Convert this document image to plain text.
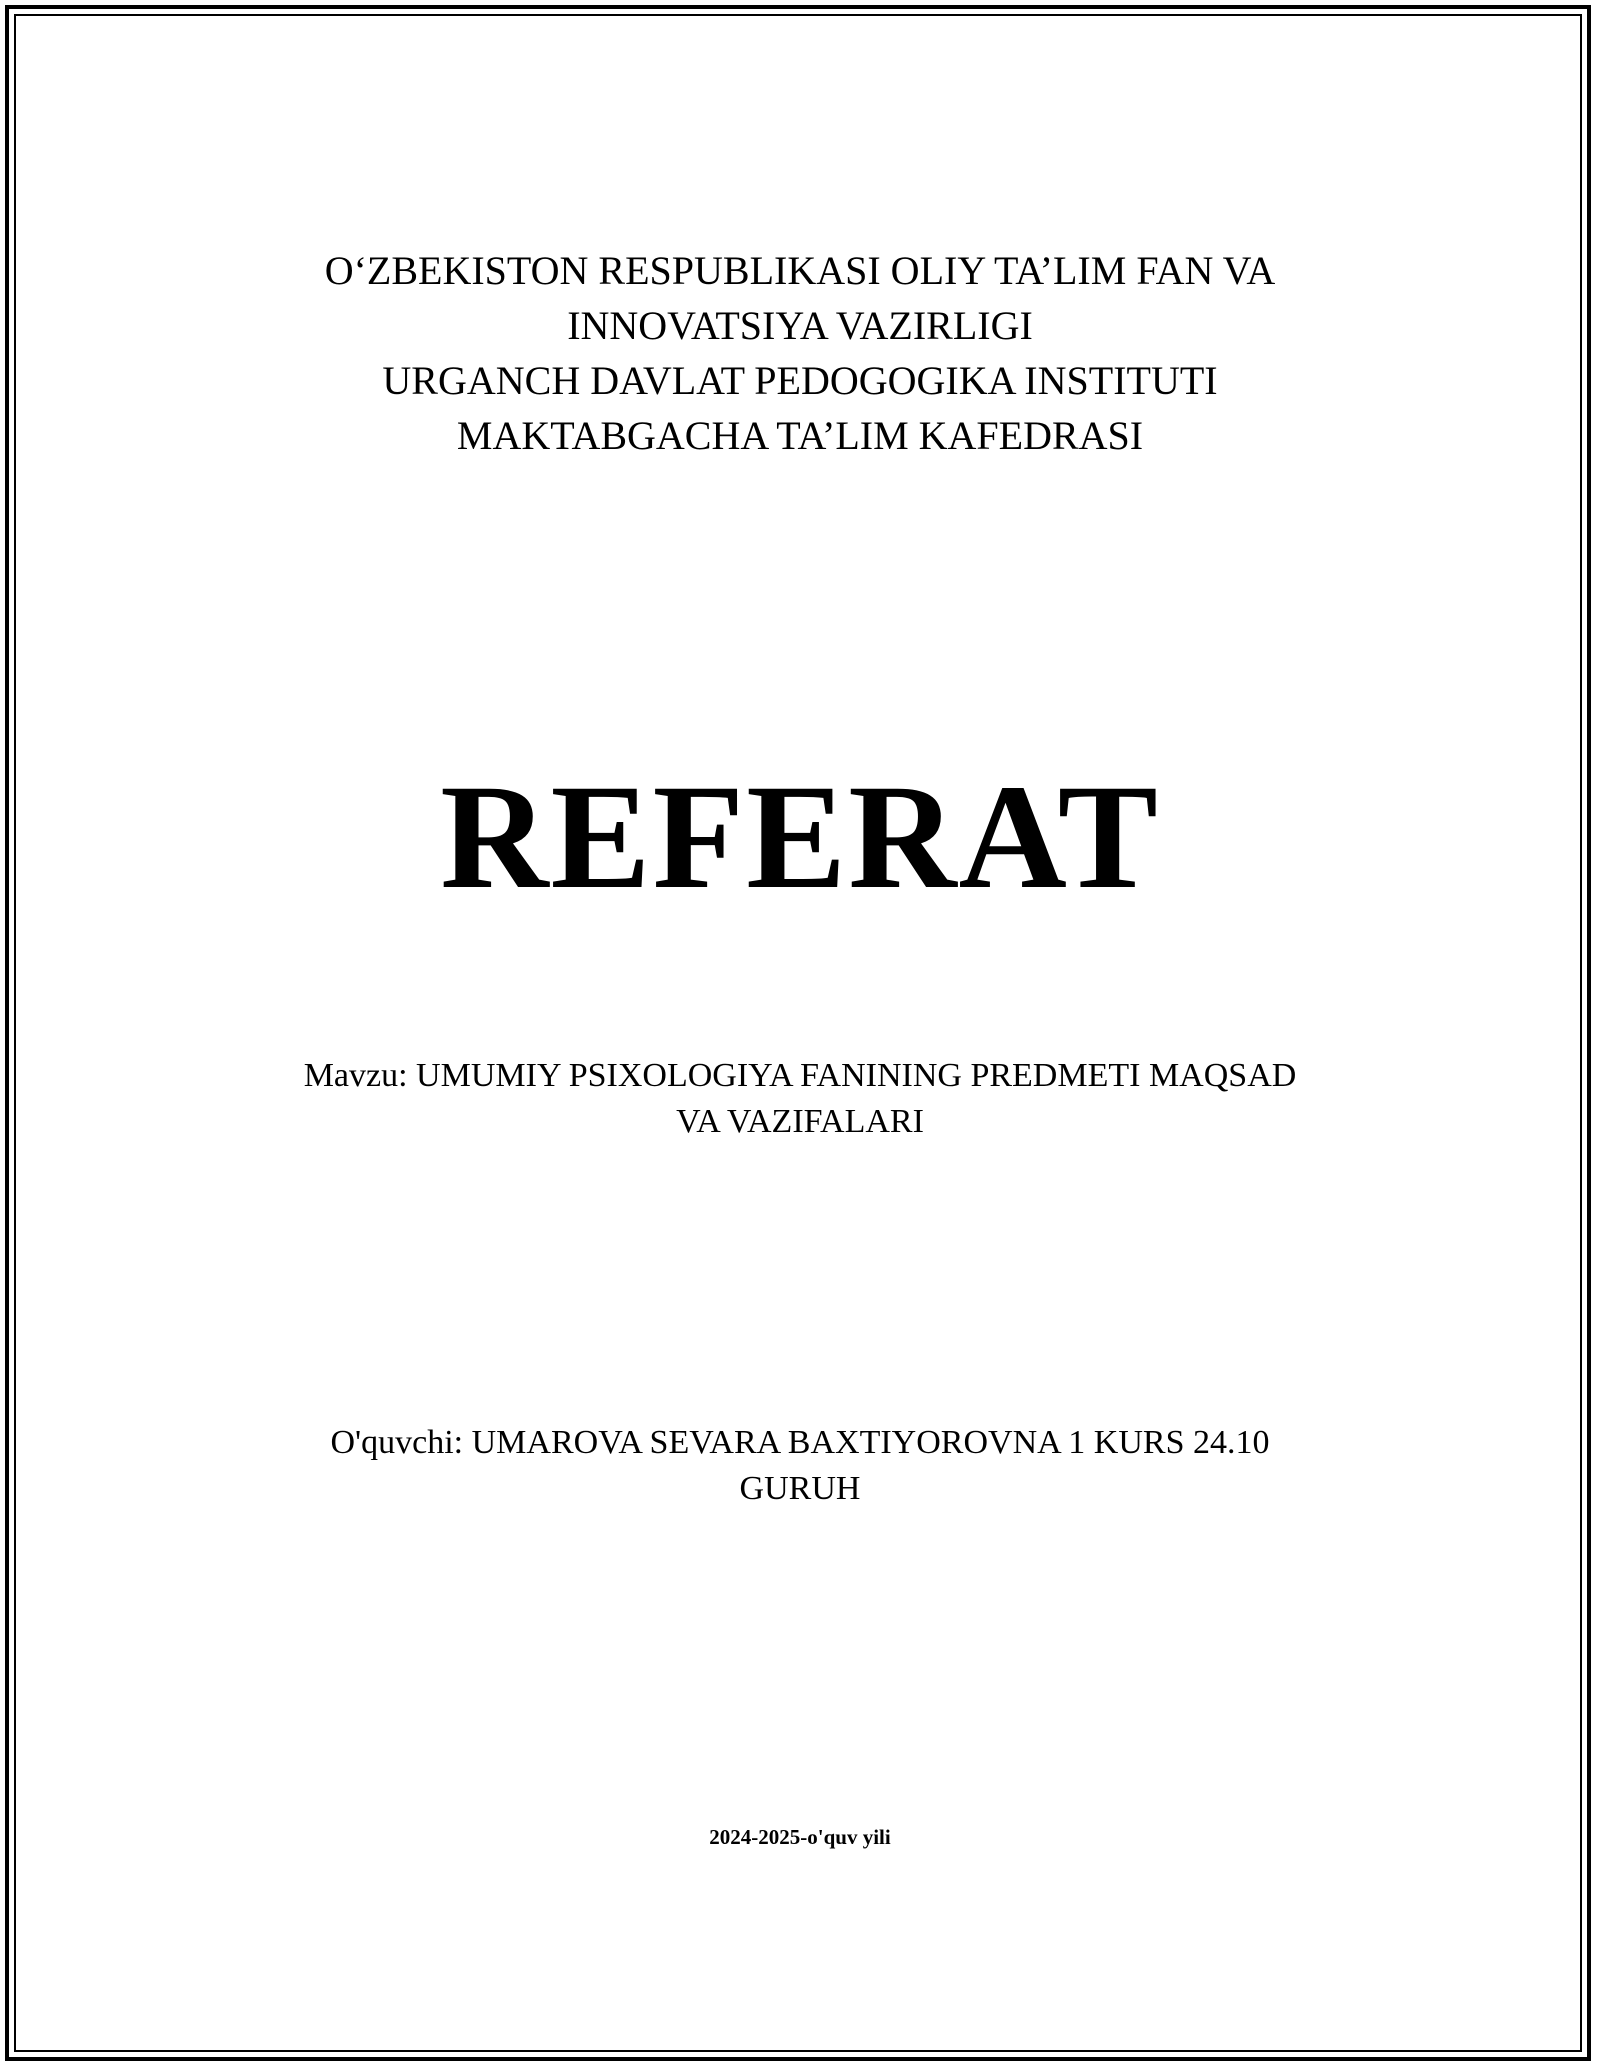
O‘ZBEKISTON RESPUBLIKASI OLIY TA’LIM FAN VA
INNOVATSIYA VAZIRLIGI
URGANCH DAVLAT PEDOGOGIKA INSTITUTI
MAKTABGACHA TA’LIM KAFEDRASI
REFERAT
Mavzu: UMUMIY PSIXOLOGIYA FANINING PREDMETI MAQSAD
VA VAZIFALARI
O'quvchi: UMAROVA SEVARA BAXTIYOROVNA 1 KURS 24.10
GURUH
2024-2025-o'quv yili
